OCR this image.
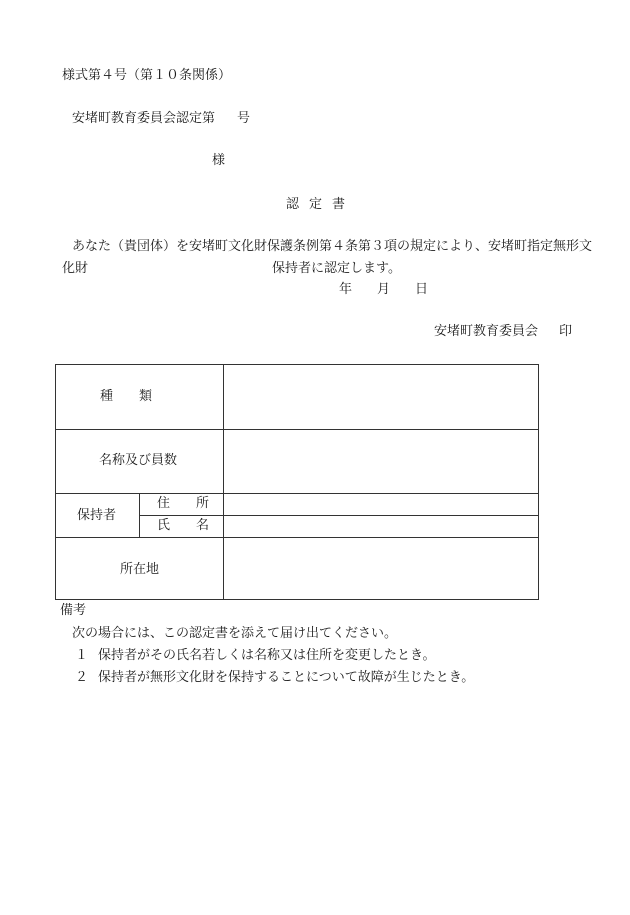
様式第４号（第１０条関係）
安堵町教育委員会認定第 号
様
認定書
あなた（貴団体）を安堵町文化財保護条例第４条第３項の規定により、安堵町指定無形文
化財	保持者に認定します。
年 月 日
安堵町教育委員会 印
種　　類
名称及び員数
保持者
住　　所
氏　　名
所在地
備考
次の場合には、この認定書を添えて届け出てください。
１ 保持者がその氏名若しくは名称又は住所を変更したとき。
２ 保持者が無形文化財を保持することについて故障が生じたとき。
